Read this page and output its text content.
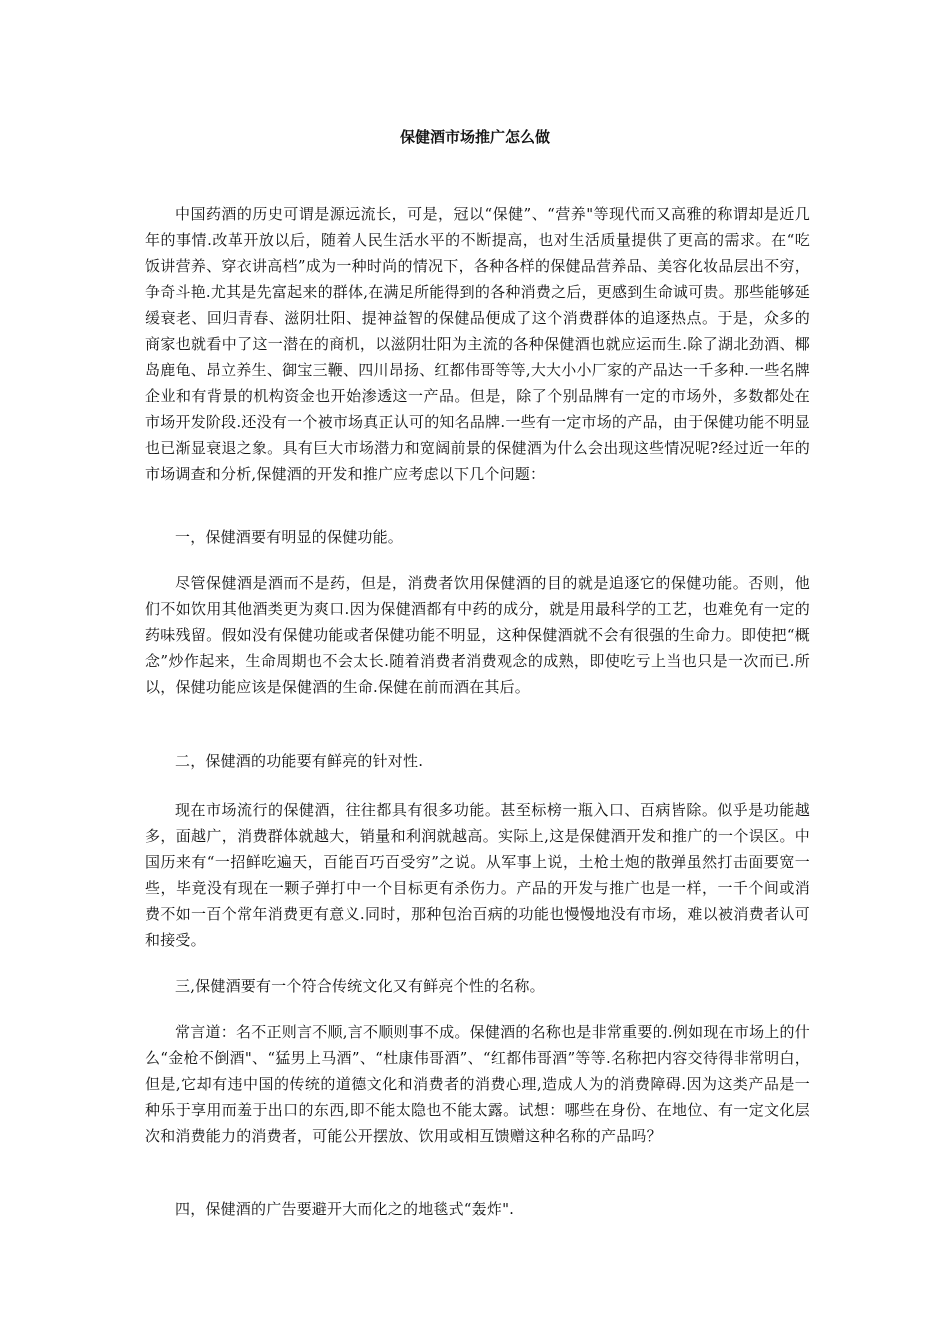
保健酒市场推广怎么做

中国药酒的历史可谓是源远流长，可是，冠以“保健”、“营养"等现代而又高雅的称谓却是近几年的事情.改革开放以后，随着人民生活水平的不断提高，也对生活质量提供了更高的需求。在“吃饭讲营养、穿衣讲高档”成为一种时尚的情况下，各种各样的保健品营养品、美容化妆品层出不穷，争奇斗艳.尤其是先富起来的群体,在满足所能得到的各种消费之后，更感到生命诚可贵。那些能够延缓衰老、回归青春、滋阴壮阳、提神益智的保健品便成了这个消费群体的追逐热点。于是，众多的商家也就看中了这一潜在的商机，以滋阴壮阳为主流的各种保健酒也就应运而生.除了湖北劲酒、椰岛鹿龟、昂立养生、御宝三鞭、四川昂扬、红都伟哥等等,大大小小厂家的产品达一千多种.一些名牌企业和有背景的机构资金也开始渗透这一产品。但是，除了个别品牌有一定的市场外，多数都处在市场开发阶段.还没有一个被市场真正认可的知名品牌.一些有一定市场的产品，由于保健功能不明显也已渐显衰退之象。具有巨大市场潜力和宽阔前景的保健酒为什么会出现这些情况呢?经过近一年的市场调查和分析,保健酒的开发和推广应考虑以下几个问题：

一，保健酒要有明显的保健功能。

尽管保健酒是酒而不是药，但是，消费者饮用保健酒的目的就是追逐它的保健功能。否则，他们不如饮用其他酒类更为爽口.因为保健酒都有中药的成分，就是用最科学的工艺，也难免有一定的药味残留。假如没有保健功能或者保健功能不明显，这种保健酒就不会有很强的生命力。即使把“概念”炒作起来，生命周期也不会太长.随着消费者消费观念的成熟，即使吃亏上当也只是一次而已.所以，保健功能应该是保健酒的生命.保健在前而酒在其后。

二，保健酒的功能要有鲜亮的针对性.

现在市场流行的保健酒，往往都具有很多功能。甚至标榜一瓶入口、百病皆除。似乎是功能越多，面越广，消费群体就越大，销量和利润就越高。实际上,这是保健酒开发和推广的一个误区。中国历来有“一招鲜吃遍天，百能百巧百受穷”之说。从军事上说，土枪土炮的散弹虽然打击面要宽一些，毕竟没有现在一颗子弹打中一个目标更有杀伤力。产品的开发与推广也是一样，一千个间或消费不如一百个常年消费更有意义.同时，那种包治百病的功能也慢慢地没有市场，难以被消费者认可和接受。

三,保健酒要有一个符合传统文化又有鲜亮个性的名称。

常言道：名不正则言不顺,言不顺则事不成。保健酒的名称也是非常重要的.例如现在市场上的什么“金枪不倒酒"、“猛男上马酒”、“杜康伟哥酒”、“红都伟哥酒”等等.名称把内容交待得非常明白，但是,它却有违中国的传统的道德文化和消费者的消费心理,造成人为的消费障碍.因为这类产品是一种乐于享用而羞于出口的东西,即不能太隐也不能太露。试想：哪些在身份、在地位、有一定文化层次和消费能力的消费者，可能公开摆放、饮用或相互馈赠这种名称的产品吗？

四，保健酒的广告要避开大而化之的地毯式“轰炸".
